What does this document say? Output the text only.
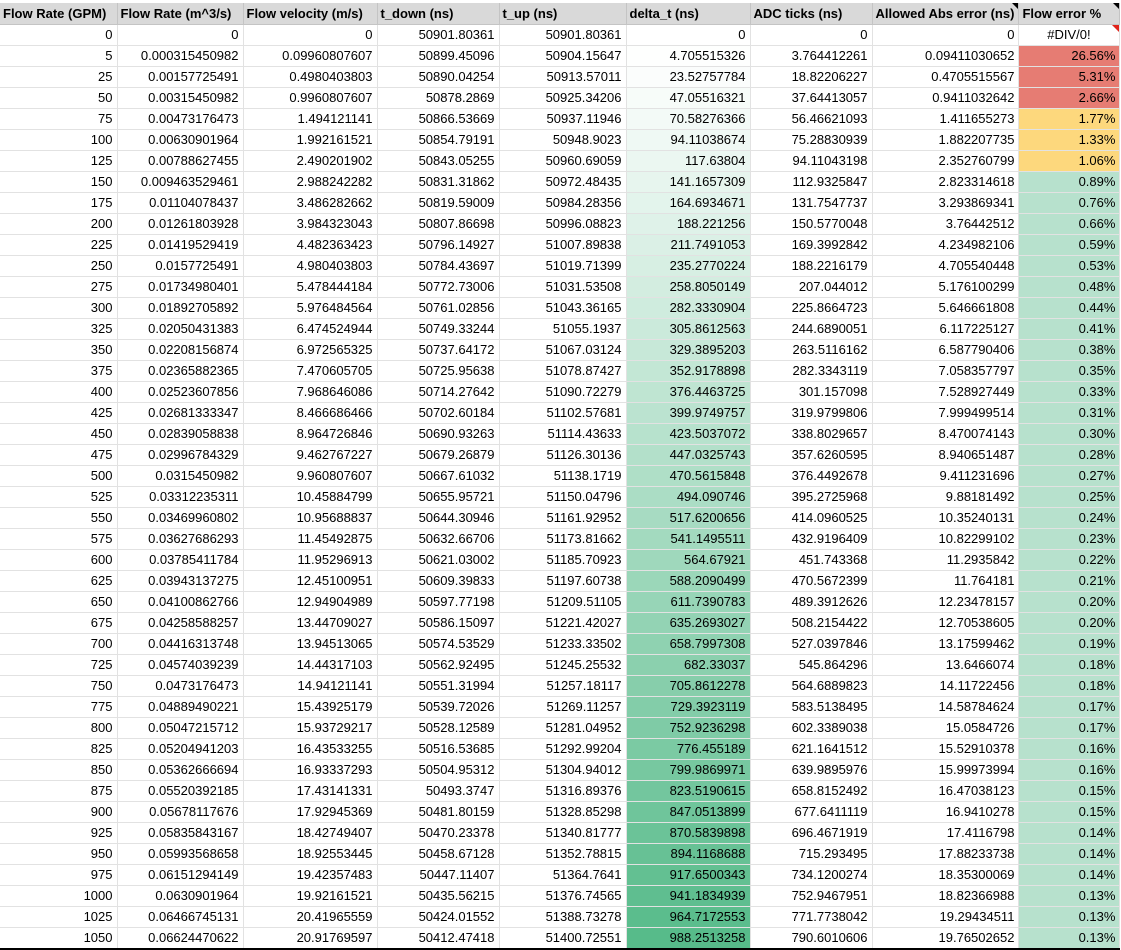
Flow Rate (GPM)	Flow Rate (m^3/s)	Flow velocity (m/s)	t_down (ns)	t_up (ns)	delta_t (ns)	ADC ticks (ns)	Allowed Abs error (ns)	Flow error %

0	0	0	50901.80361	50901.80361	0	0	0	#DIV/0!

5	0.000315450982	0.09960807607	50899.45096	50904.15647	4.705515326	3.764412261	0.09411030652	26.56%
25	0.00157725491	0.4980403803	50890.04254	50913.57011	23.52757784	18.82206227	0.4705515567	5.31%
50	0.00315450982	0.9960807607	50878.2869	50925.34206	47.05516321	37.64413057	0.9411032642	2.66%
75	0.00473176473	1.494121141	50866.53669	50937.11946	70.58276366	56.46621093	1.411655273	1.77%
100	0.00630901964	1.992161521	50854.79191	50948.9023	94.11038674	75.28830939	1.882207735	1.33%
125	0.00788627455	2.490201902	50843.05255	50960.69059	117.63804	94.11043198	2.352760799	1.06%
150	0.009463529461	2.988242282	50831.31862	50972.48435	141.1657309	112.9325847	2.823314618	0.89%
175	0.01104078437	3.486282662	50819.59009	50984.28356	164.6934671	131.7547737	3.293869341	0.76%
200	0.01261803928	3.984323043	50807.86698	50996.08823	188.221256	150.5770048	3.76442512	0.66%
225	0.01419529419	4.482363423	50796.14927	51007.89838	211.7491053	169.3992842	4.234982106	0.59%
250	0.0157725491	4.980403803	50784.43697	51019.71399	235.2770224	188.2216179	4.705540448	0.53%
275	0.01734980401	5.478444184	50772.73006	51031.53508	258.8050149	207.044012	5.176100299	0.48%
300	0.01892705892	5.976484564	50761.02856	51043.36165	282.3330904	225.8664723	5.646661808	0.44%
325	0.02050431383	6.474524944	50749.33244	51055.1937	305.8612563	244.6890051	6.117225127	0.41%
350	0.02208156874	6.972565325	50737.64172	51067.03124	329.3895203	263.5116162	6.587790406	0.38%
375	0.02365882365	7.470605705	50725.95638	51078.87427	352.9178898	282.3343119	7.058357797	0.35%
400	0.02523607856	7.968646086	50714.27642	51090.72279	376.4463725	301.157098	7.528927449	0.33%
425	0.02681333347	8.466686466	50702.60184	51102.57681	399.9749757	319.9799806	7.999499514	0.31%
450	0.02839058838	8.964726846	50690.93263	51114.43633	423.5037072	338.8029657	8.470074143	0.30%
475	0.02996784329	9.462767227	50679.26879	51126.30136	447.0325743	357.6260595	8.940651487	0.28%
500	0.0315450982	9.960807607	50667.61032	51138.1719	470.5615848	376.4492678	9.411231696	0.27%
525	0.03312235311	10.45884799	50655.95721	51150.04796	494.090746	395.2725968	9.88181492	0.25%
550	0.03469960802	10.95688837	50644.30946	51161.92952	517.6200656	414.0960525	10.35240131	0.24%
575	0.03627686293	11.45492875	50632.66706	51173.81662	541.1495511	432.9196409	10.82299102	0.23%
600	0.03785411784	11.95296913	50621.03002	51185.70923	564.67921	451.743368	11.2935842	0.22%
625	0.03943137275	12.45100951	50609.39833	51197.60738	588.2090499	470.5672399	11.764181	0.21%
650	0.04100862766	12.94904989	50597.77198	51209.51105	611.7390783	489.3912626	12.23478157	0.20%
675	0.04258588257	13.44709027	50586.15097	51221.42027	635.2693027	508.2154422	12.70538605	0.20%
700	0.04416313748	13.94513065	50574.53529	51233.33502	658.7997308	527.0397846	13.17599462	0.19%
725	0.04574039239	14.44317103	50562.92495	51245.25532	682.33037	545.864296	13.6466074	0.18%
750	0.0473176473	14.94121141	50551.31994	51257.18117	705.8612278	564.6889823	14.11722456	0.18%
775	0.04889490221	15.43925179	50539.72026	51269.11257	729.3923119	583.5138495	14.58784624	0.17%
800	0.05047215712	15.93729217	50528.12589	51281.04952	752.9236298	602.3389038	15.0584726	0.17%
825	0.05204941203	16.43533255	50516.53685	51292.99204	776.455189	621.1641512	15.52910378	0.16%
850	0.05362666694	16.93337293	50504.95312	51304.94012	799.9869971	639.9895976	15.99973994	0.16%
875	0.05520392185	17.43141331	50493.3747	51316.89376	823.5190615	658.8152492	16.47038123	0.15%
900	0.05678117676	17.92945369	50481.80159	51328.85298	847.0513899	677.6411119	16.9410278	0.15%
925	0.05835843167	18.42749407	50470.23378	51340.81777	870.5839898	696.4671919	17.4116798	0.14%
950	0.05993568658	18.92553445	50458.67128	51352.78815	894.1168688	715.293495	17.88233738	0.14%
975	0.06151294149	19.42357483	50447.11407	51364.7641	917.6500343	734.1200274	18.35300069	0.14%
1000	0.0630901964	19.92161521	50435.56215	51376.74565	941.1834939	752.9467951	18.82366988	0.13%
1025	0.06466745131	20.41965559	50424.01552	51388.73278	964.7172553	771.7738042	19.29434511	0.13%
1050	0.06624470622	20.91769597	50412.47418	51400.72551	988.2513258	790.6010606	19.76502652	0.13%
